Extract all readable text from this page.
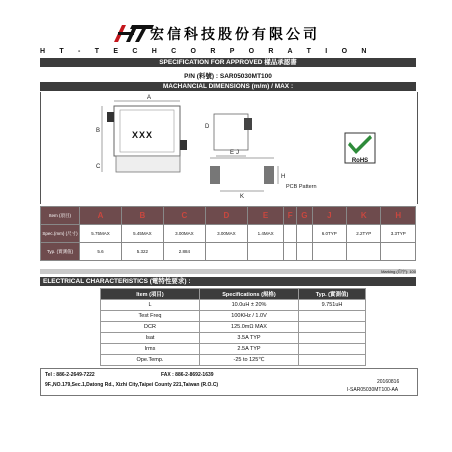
宏信科技股份有限公司
H T - T E C H C O R P O R A T I O N
SPECIFICATION FOR APPROVED 樣品承認書
P/N (料號) : SAR05030MT100
MACHANCIAL DIMENSIONS (m/m) / MAX :
A
B
C
D
E J
H
K
PCB Pattern
XXX
RoHS
Item (項目)	A	B	C	D	E	F	G	J	K	H
Spec.(mm) (尺寸)	5.75MAX	5.45MAX	3.00MAX	3.00MAX	1.4MAX			6.0TYP	2.2TYP	3.3TYP
Typ. (實測值)	5.6	5.322	2.884							
Marking (印字): 100
ELECTRICAL CHARACTERISTICS (電特性要求) :
Item (項目)	Specifications (規格)	Typ. (實測值)
L	10.0uH ± 20%	9.751uH
Test Freq	100KHz / 1.0V	
DCR	125.0mΩ MAX	
Isat	3.5A TYP	
Irms	2.5A TYP	
Ope.Temp.	-25 to 125℃	
Tel : 886-2-2649-7222	FAX : 886-2-8692-1639
9F.,NO.179,Sec.1,Datong Rd., Xizhi City,Taipei County 221,Taiwan (R.O.C)	20160816
I-SAR05030MT100-AA
